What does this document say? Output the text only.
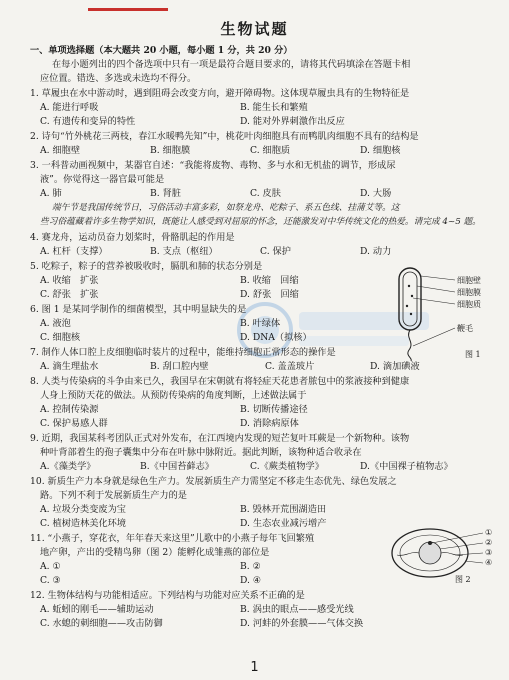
生物试题
一、单项选择题（本大题共 20 小题，每小题 1 分，共 20 分）
在每小题列出的四个备选项中只有一项是最符合题目要求的，请将其代码填涂在答题卡相
应位置。错选、多选或未选均不得分。
1. 草履虫在水中游动时，遇到阻碍会改变方向，避开障碍物。这体现草履虫具有的生物特征是
A. 能进行呼吸	B. 能生长和繁殖
C. 有遗传和变异的特性	D. 能对外界刺激作出反应
2. 诗句“竹外桃花三两枝，春江水暖鸭先知”中，桃花叶肉细胞具有而鸭肌肉细胞不具有的结构是
A. 细胞壁	B. 细胞膜	C. 细胞质	D. 细胞核
3. 一科普动画视频中，某器官自述：“我能将废物、毒物、多与水和无机盐的调节，形成尿
液”。你觉得这一器官最可能是
A. 肺	B. 肾脏	C. 皮肤	D. 大肠
端午节是我国传统节日，习俗活动丰富多彩，如祭龙舟、吃粽子、系五色线、挂蒲艾等。这
些习俗蕴藏着许多生物学知识，既能让人感受到对屈原的怀念，还能激发对中华传统文化的热爱。请完成 4~5 题。
4. 赛龙舟，运动员奋力划桨时，骨骼肌起的作用是
A. 杠杆（支撑）	B. 支点（枢纽）	C. 保护	D. 动力
5. 吃粽子，粽子的营养被吸收时，膈肌和肺的状态分别是
A. 收缩　扩张	B. 收缩　回缩
C. 舒张　扩张	D. 舒张　回缩
6. 图 1 是某同学制作的细菌模型，其中明显缺失的是
A. 液泡	B. 叶绿体
C. 细胞核	D. DNA（拟核）
细胞壁
细胞膜
细胞质
鞭毛
图 1
7. 制作人体口腔上皮细胞临时装片的过程中，能维持细胞正常形态的操作是
A. 滴生理盐水	B. 刮口腔内壁	C. 盖盖玻片	D. 滴加碘液
8. 人类与传染病的斗争由来已久，我国早在宋朝就有将轻症天花患者脓包中的浆液接种到健康
人身上预防天花的做法。从预防传染病的角度判断，上述做法属于
A. 控制传染源	B. 切断传播途径
C. 保护易感人群	D. 消除病原体
9. 近期，我国某科考团队正式对外发布，在江西境内发现的短芒复叶耳蕨是一个新物种。该物
种叶背部着生的孢子囊集中分布在叶脉中脉附近。据此判断，该物种适合收录在
A.《藻类学》	B.《中国苔藓志》	C.《蕨类植物学》	D.《中国裸子植物志》
10. 新质生产力本身就是绿色生产力。发展新质生产力需坚定不移走生态优先、绿色发展之
路。下列不利于发展新质生产力的是
A. 垃圾分类变废为宝	B. 毁林开荒围湖造田
C. 植树造林美化环境	D. 生态农业减污增产
11. “小燕子，穿花衣，年年春天来这里”儿歌中的小燕子每年飞回繁殖
地产卵，产出的受精鸟卵（图 2）能孵化成雏燕的部位是
A. ①	B. ②
C. ③	D. ④
①
②
③
④
图 2
12. 生物体结构与功能相适应。下列结构与功能对应关系不正确的是
A. 蚯蚓的刚毛——辅助运动	B. 涡虫的眼点——感受光线
C. 水螅的刺细胞——攻击防御	D. 河蚌的外套膜——气体交换
1
